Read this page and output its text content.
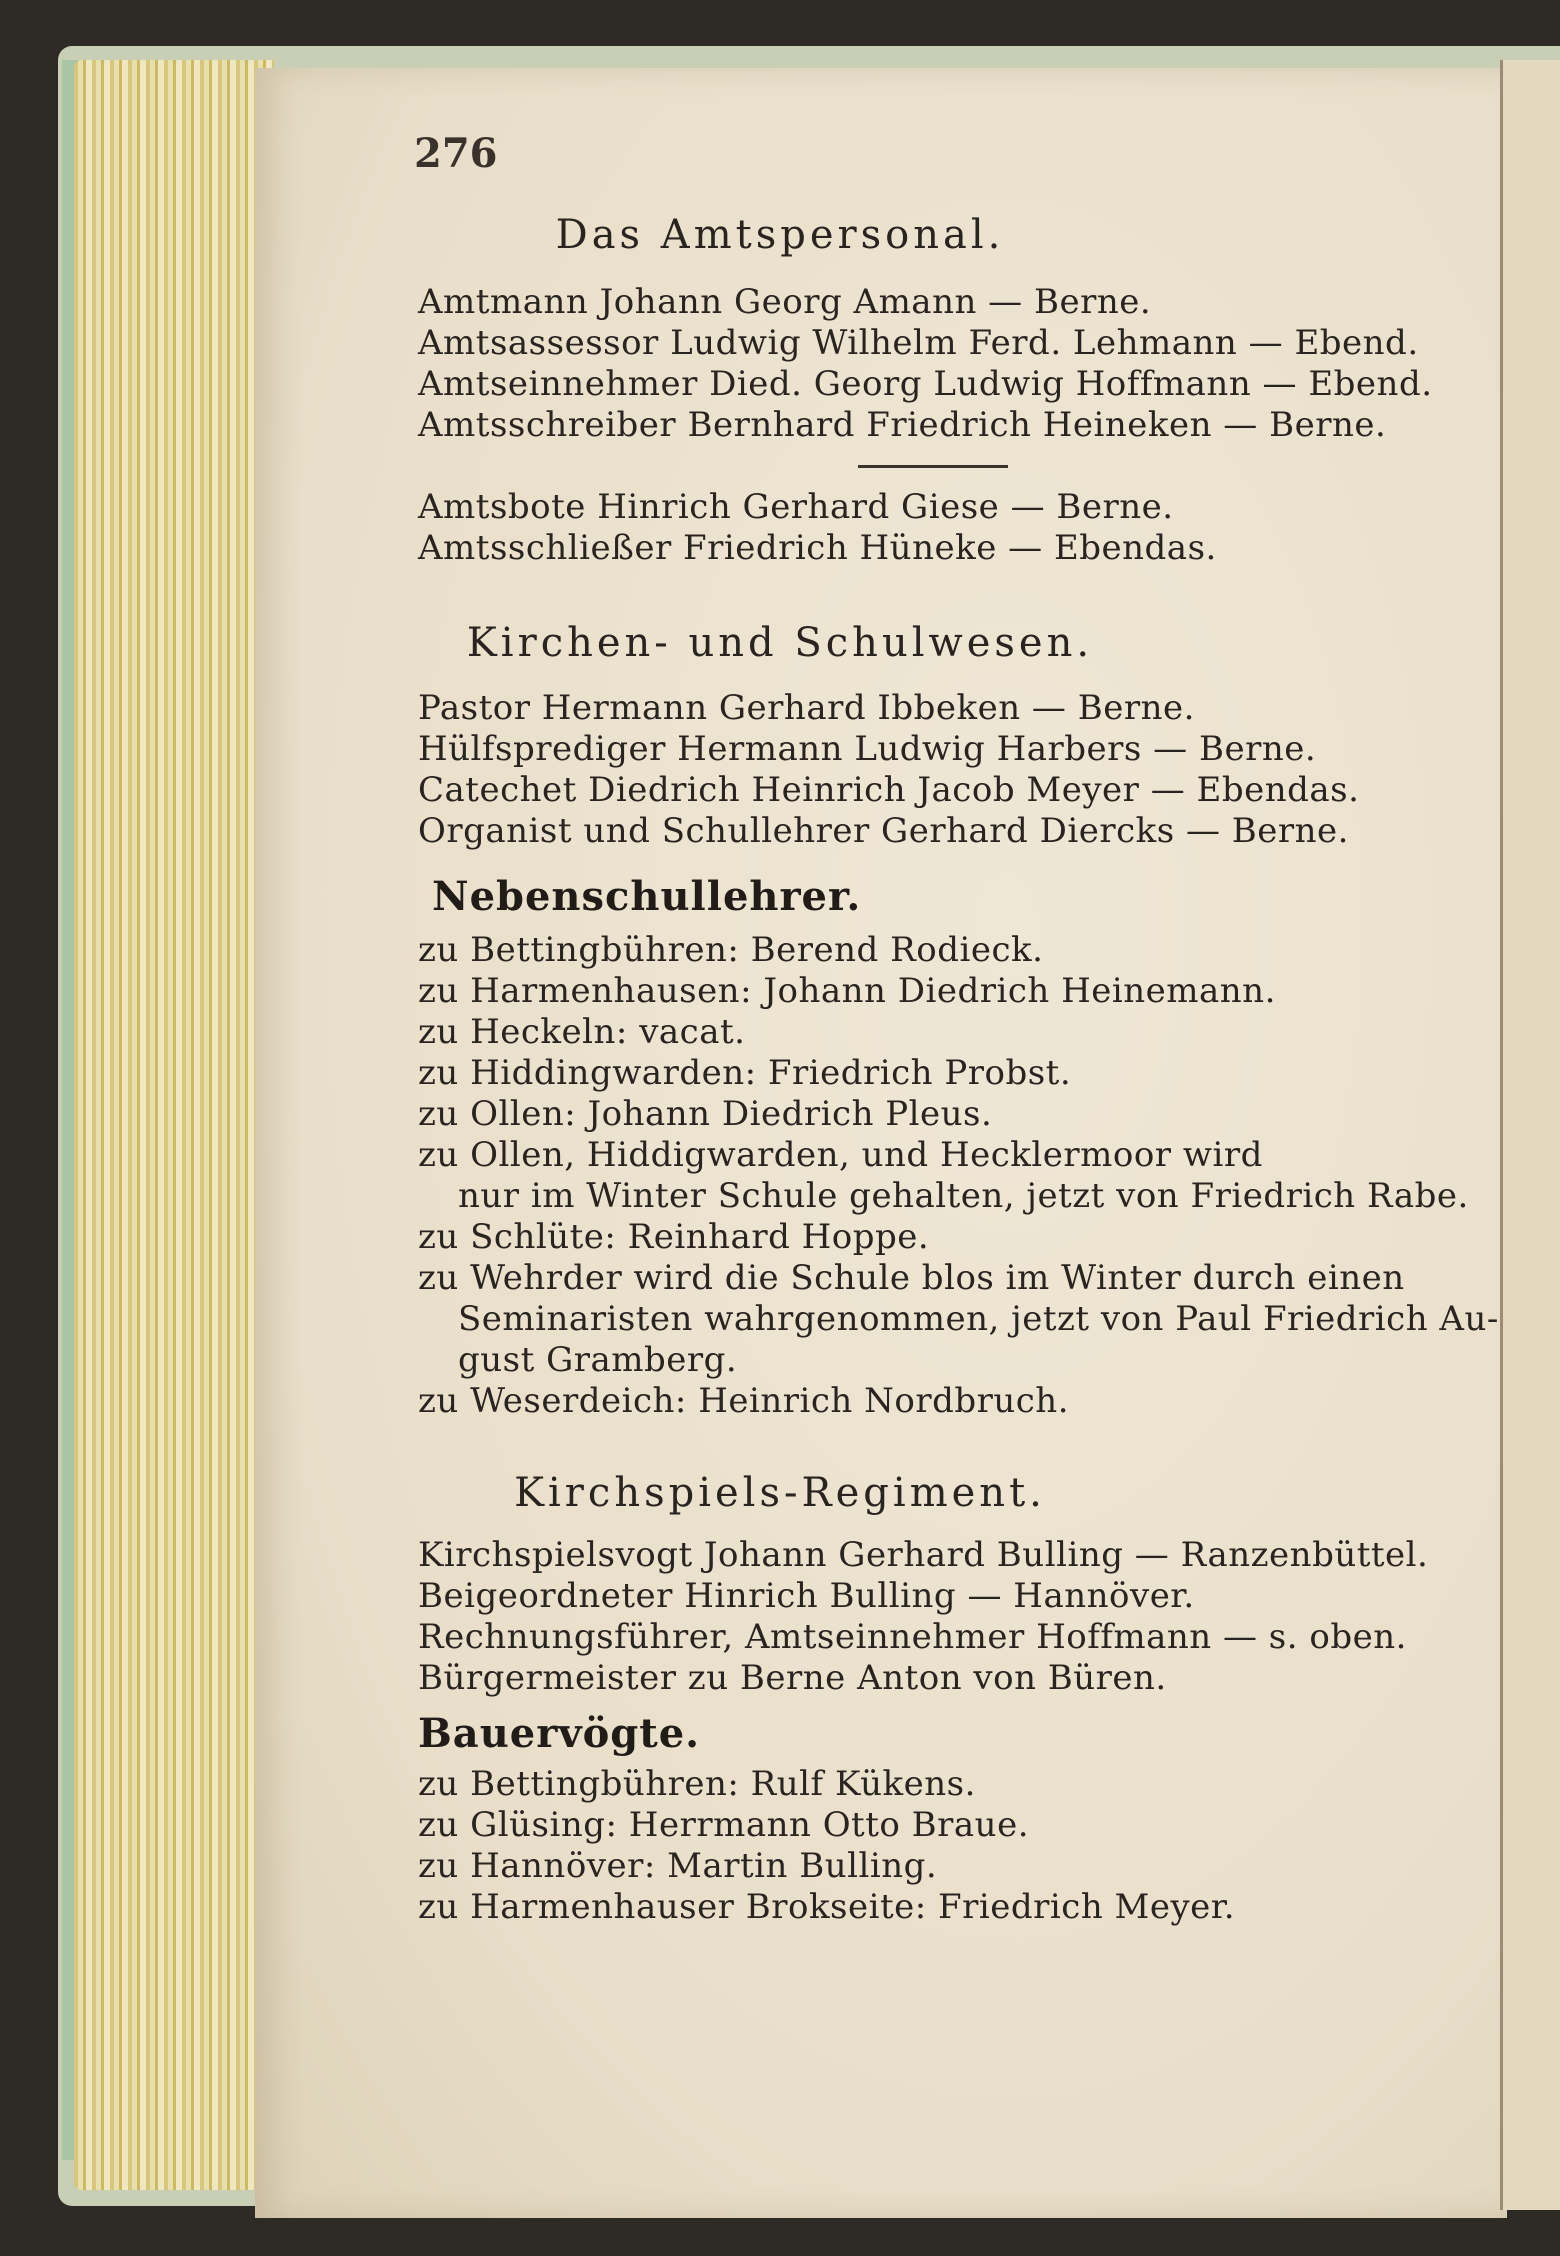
276
Das Amtspersonal.
Amtmann Johann Georg Amann — Berne.
Amtsassessor Ludwig Wilhelm Ferd. Lehmann — Ebend.
Amtseinnehmer Died. Georg Ludwig Hoffmann — Ebend.
Amtsschreiber Bernhard Friedrich Heineken — Berne.
Amtsbote Hinrich Gerhard Giese — Berne.
Amtsschließer Friedrich Hüneke — Ebendas.
Kirchen- und Schulwesen.
Pastor Hermann Gerhard Ibbeken — Berne.
Hülfsprediger Hermann Ludwig Harbers — Berne.
Catechet Diedrich Heinrich Jacob Meyer — Ebendas.
Organist und Schullehrer Gerhard Diercks — Berne.
Nebenschullehrer.
zu Bettingbühren: Berend Rodieck.
zu Harmenhausen: Johann Diedrich Heinemann.
zu Heckeln: vacat.
zu Hiddingwarden: Friedrich Probst.
zu Ollen: Johann Diedrich Pleus.
zu Ollen, Hiddigwarden, und Hecklermoor wird
nur im Winter Schule gehalten, jetzt von Friedrich Rabe.
zu Schlüte: Reinhard Hoppe.
zu Wehrder wird die Schule blos im Winter durch einen
Seminaristen wahrgenommen, jetzt von Paul Friedrich Au-
gust Gramberg.
zu Weserdeich: Heinrich Nordbruch.
Kirchspiels-Regiment.
Kirchspielsvogt Johann Gerhard Bulling — Ranzenbüttel.
Beigeordneter Hinrich Bulling — Hannöver.
Rechnungsführer, Amtseinnehmer Hoffmann — s. oben.
Bürgermeister zu Berne Anton von Büren.
Bauervögte.
zu Bettingbühren: Rulf Kükens.
zu Glüsing: Herrmann Otto Braue.
zu Hannöver: Martin Bulling.
zu Harmenhauser Brokseite: Friedrich Meyer.
